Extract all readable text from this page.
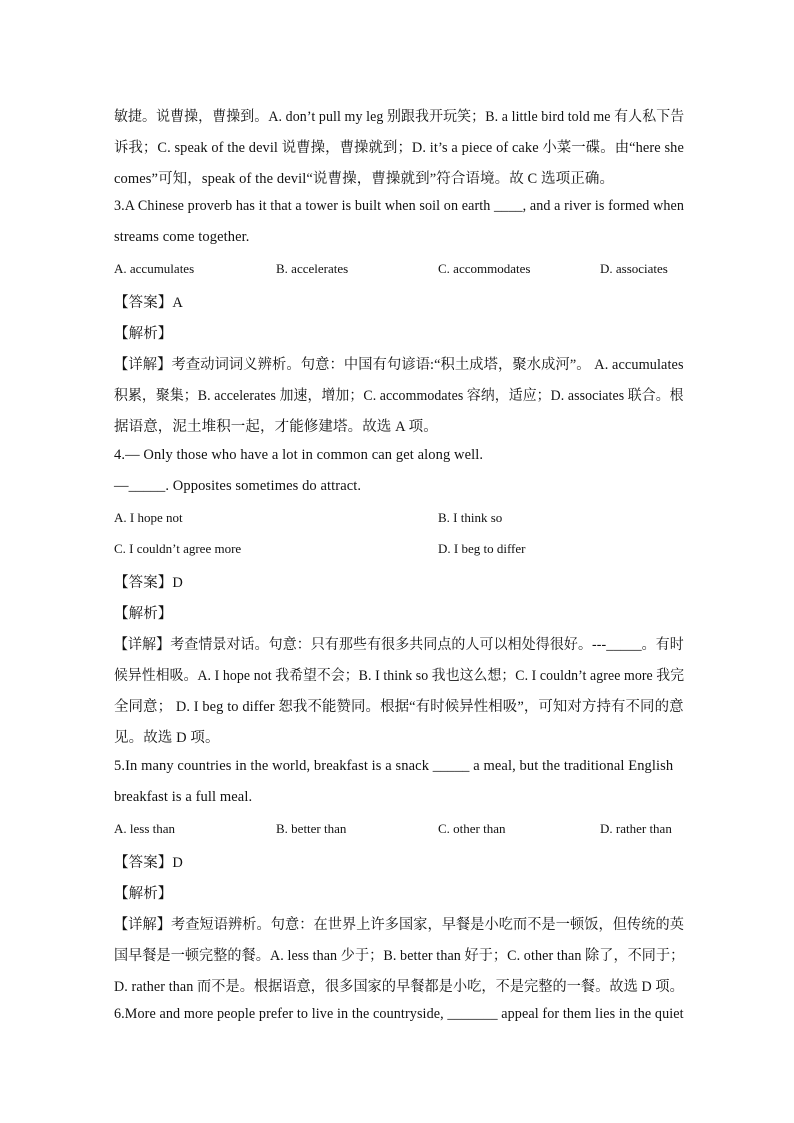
敏捷。说曹操，曹操到。A. don’t pull my leg 别跟我开玩笑；B. a little bird told me 有人私下告
诉我；C. speak of the devil 说曹操，曹操就到；D. it’s a piece of cake 小菜一碟。由“here she
comes”可知，speak of the devil“说曹操，曹操就到”符合语境。故 C 选项正确。
3.A Chinese proverb has it that a tower is built when soil on earth ____, and a river is formed when
streams come together.
A. accumulates	B. accelerates	C. accommodates	D. associates
【答案】A
【解析】
【详解】考查动词词义辨析。句意：中国有句谚语:“积土成塔，聚水成河”。 A. accumulates
积累，聚集；B. accelerates 加速，增加；C. accommodates 容纳，适应；D. associates 联合。根
据语意，泥土堆积一起，才能修建塔。故选 A 项。
4.— Only those who have a lot in common can get along well.
—_____. Opposites sometimes do attract.
A. I hope not	B. I think so
C. I couldn’t agree more	D. I beg to differ
【答案】D
【解析】
【详解】考查情景对话。句意：只有那些有很多共同点的人可以相处得很好。---_____。有时
候异性相吸。A. I hope not 我希望不会；B. I think so 我也这么想；C. I couldn’t agree more 我完
全同意； D. I beg to differ 恕我不能赞同。根据“有时候异性相吸”，可知对方持有不同的意
见。故选 D 项。
5.In many countries in the world, breakfast is a snack _____ a meal, but the traditional English
breakfast is a full meal.
A. less than	B. better than	C. other than	D. rather than
【答案】D
【解析】
【详解】考查短语辨析。句意：在世界上许多国家，早餐是小吃而不是一顿饭，但传统的英
国早餐是一顿完整的餐。A. less than 少于；B. better than 好于；C. other than 除了，不同于；
D. rather than 而不是。根据语意，很多国家的早餐都是小吃，不是完整的一餐。故选 D 项。
6.More and more people prefer to live in the countryside, _______ appeal for them lies in the quiet
